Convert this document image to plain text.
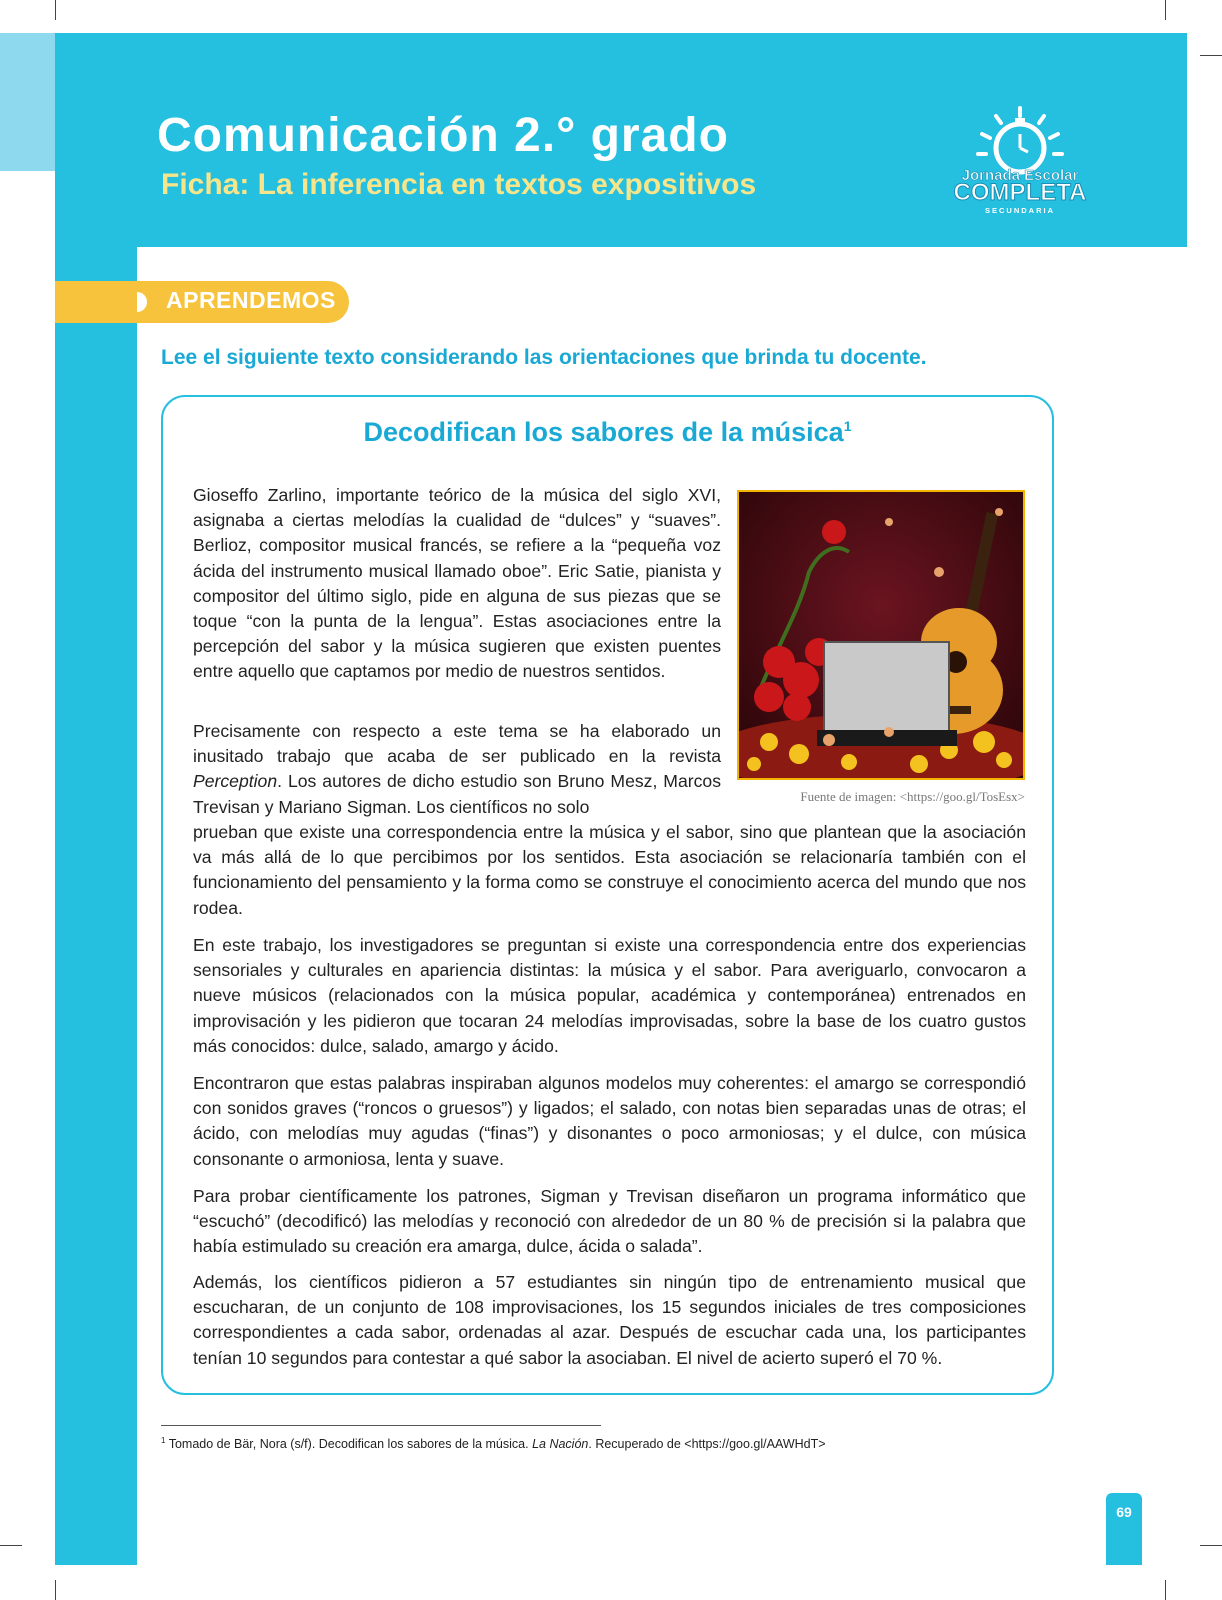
Comunicación 2.° grado
Ficha: La inferencia en textos expositivos	Jornada Escolar
COMPLETA
SECUNDARIA
APRENDEMOS
Lee el siguiente texto considerando las orientaciones que brinda tu docente.
Decodifican los sabores de la música$^1$

Gioseffo Zarlino, importante teórico de la música del siglo XVI, asignaba a ciertas melodías la cualidad de “dulces” y “suaves”. Berlioz, compositor musical francés, se refiere a la “pequeña voz ácida del instrumento musical llamado oboe”. Eric Satie, pianista y compositor del último siglo, pide en alguna de sus piezas que se toque “con la punta de la lengua”. Estas asociaciones entre la percepción del sabor y la música sugieren que existen puentes entre aquello que captamos por medio de nuestros sentidos.

Precisamente con respecto a este tema se ha elaborado un inusitado trabajo que acaba de ser publicado en la revista Perception. Los autores de dicho estudio son Bruno Mesz, Marcos Trevisan y Mariano Sigman. Los científicos no solo

prueban que existe una correspondencia entre la música y el sabor, sino que plantean que la asociación va más allá de lo que percibimos por los sentidos. Esta asociación se relacionaría también con el funcionamiento del pensamiento y la forma como se construye el conocimiento acerca del mundo que nos rodea.

En este trabajo, los investigadores se preguntan si existe una correspondencia entre dos experiencias sensoriales y culturales en apariencia distintas: la música y el sabor. Para averiguarlo, convocaron a nueve músicos (relacionados con la música popular, académica y contemporánea) entrenados en improvisación y les pidieron que tocaran 24 melodías improvisadas, sobre la base de los cuatro gustos más conocidos: dulce, salado, amargo y ácido.

Encontraron que estas palabras inspiraban algunos modelos muy coherentes: el amargo se correspondió con sonidos graves (“roncos o gruesos”) y ligados; el salado, con notas bien separadas unas de otras; el ácido, con melodías muy agudas (“finas”) y disonantes o poco armoniosas; y el dulce, con música consonante o armoniosa, lenta y suave.

Para probar científicamente los patrones, Sigman y Trevisan diseñaron un programa informático que “escuchó” (decodificó) las melodías y reconoció con alrededor de un 80 % de precisión si la palabra que había estimulado su creación era amarga, dulce, ácida o salada”.

Además, los científicos pidieron a 57 estudiantes sin ningún tipo de entrenamiento musical que escucharan, de un conjunto de 108 improvisaciones, los 15 segundos iniciales de tres composiciones correspondientes a cada sabor, ordenadas al azar. Después de escuchar cada una, los participantes tenían 10 segundos para contestar a qué sabor la asociaban. El nivel de acierto superó el 70 %.

Fuente de imagen: <https://goo.gl/TosEsx>
$^1$ Tomado de Bär, Nora (s/f). Decodifican los sabores de la música. La Nación. Recuperado de <https://goo.gl/AAWHdT>
69
